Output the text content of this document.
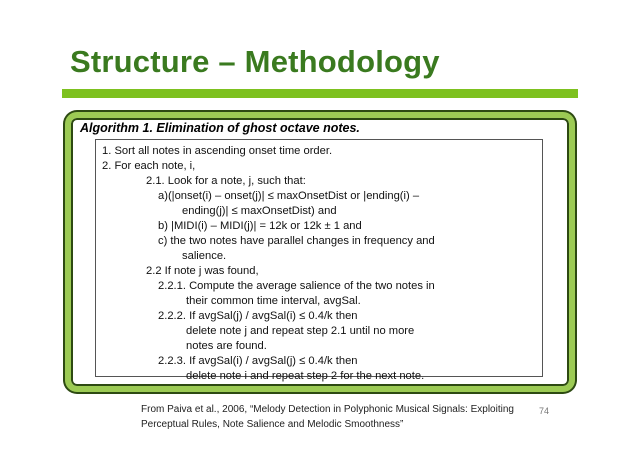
Structure – Methodology
Algorithm 1. Elimination of ghost octave notes.
1. Sort all notes in ascending onset time order.
2. For each note, i,
2.1. Look for a note, j, such that:
a)(|onset(i) – onset(j)| ≤ maxOnsetDist or |ending(i) –
ending(j)| ≤ maxOnsetDist) and
b) |MIDI(i) – MIDI(j)| = 12k or 12k ± 1 and
c) the two notes have parallel changes in frequency and
salience.
2.2 If note j was found,
2.2.1. Compute the average salience of the two notes in
their common time interval, avgSal.
2.2.2. If avgSal(j) / avgSal(i) ≤ 0.4/k then
delete note j and repeat step 2.1 until no more
notes are found.
2.2.3. If avgSal(i) / avgSal(j) ≤ 0.4/k then
delete note i and repeat step 2 for the next note.
From Paiva et al., 2006, “Melody Detection in Polyphonic Musical Signals: Exploiting
Perceptual Rules, Note Salience and Melodic Smoothness”
74
